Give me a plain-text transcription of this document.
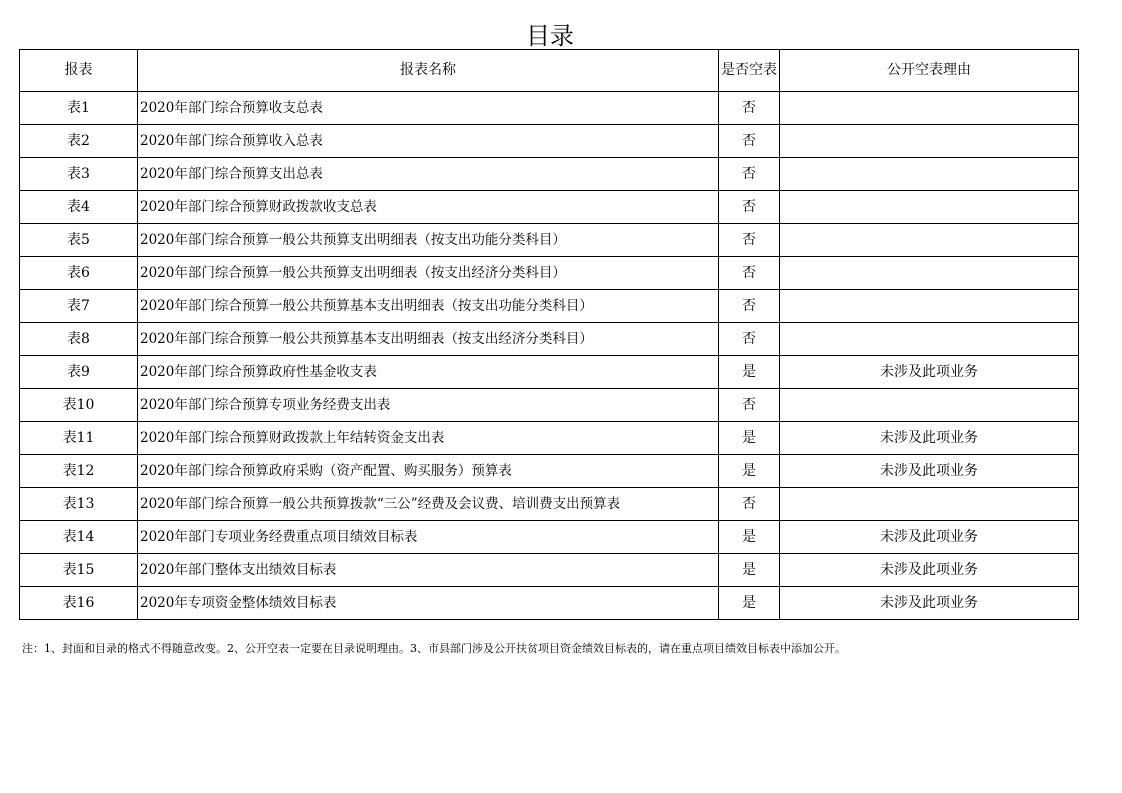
目录
报表	报表名称	是否空表	公开空表理由
表1	2020年部门综合预算收支总表	否	
表2	2020年部门综合预算收入总表	否	
表3	2020年部门综合预算支出总表	否	
表4	2020年部门综合预算财政拨款收支总表	否	
表5	2020年部门综合预算一般公共预算支出明细表（按支出功能分类科目）	否	
表6	2020年部门综合预算一般公共预算支出明细表（按支出经济分类科目）	否	
表7	2020年部门综合预算一般公共预算基本支出明细表（按支出功能分类科目）	否	
表8	2020年部门综合预算一般公共预算基本支出明细表（按支出经济分类科目）	否	
表9	2020年部门综合预算政府性基金收支表	是	未涉及此项业务
表10	2020年部门综合预算专项业务经费支出表	否	
表11	2020年部门综合预算财政拨款上年结转资金支出表	是	未涉及此项业务
表12	2020年部门综合预算政府采购（资产配置、购买服务）预算表	是	未涉及此项业务
表13	2020年部门综合预算一般公共预算拨款“三公”经费及会议费、培训费支出预算表	否	
表14	2020年部门专项业务经费重点项目绩效目标表	是	未涉及此项业务
表15	2020年部门整体支出绩效目标表	是	未涉及此项业务
表16	2020年专项资金整体绩效目标表	是	未涉及此项业务
注：1、封面和目录的格式不得随意改变。2、公开空表一定要在目录说明理由。3、市县部门涉及公开扶贫项目资金绩效目标表的，请在重点项目绩效目标表中添加公开。
